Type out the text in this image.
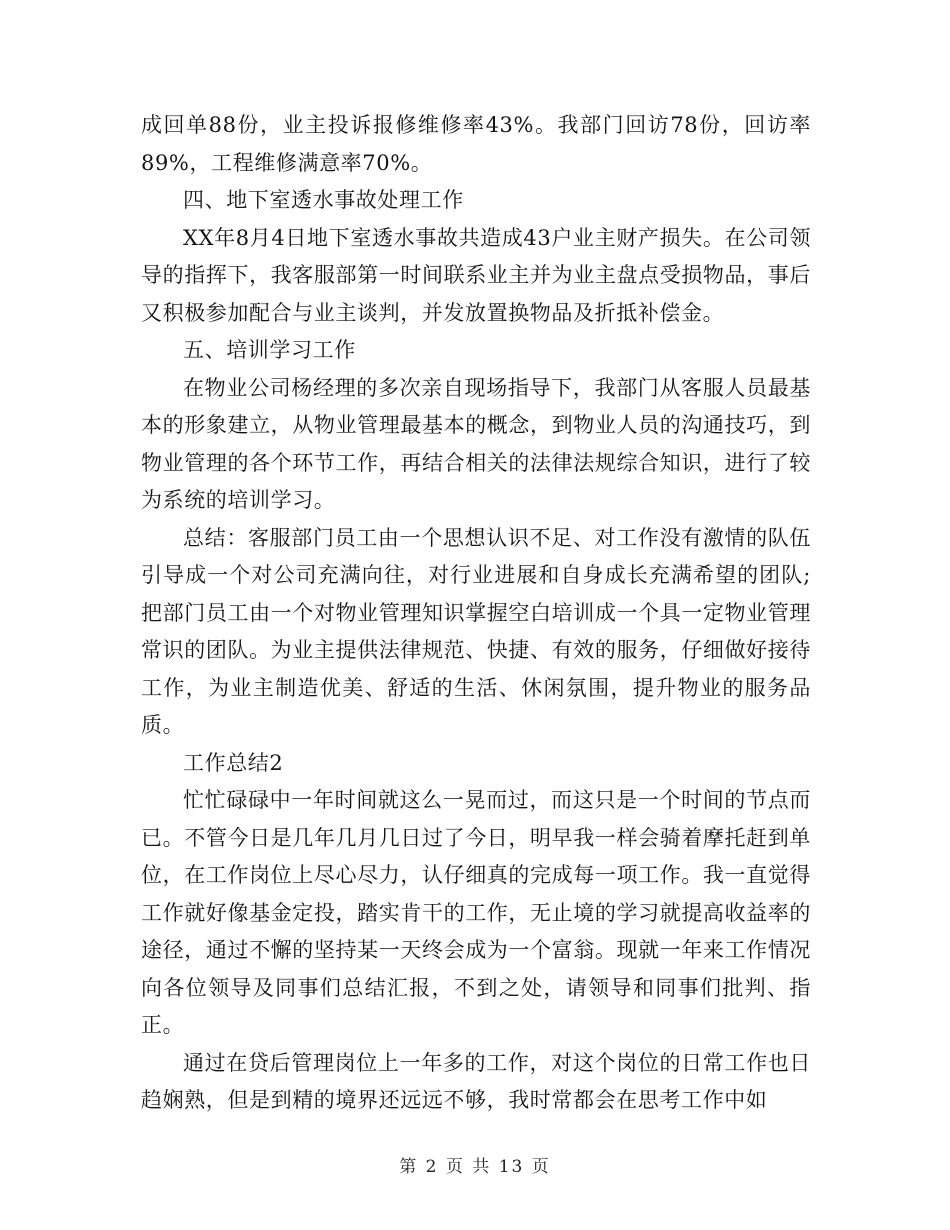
成回单88份，业主投诉报修维修率43%。我部门回访78份，回访率89%，工程维修满意率70%。

四、地下室透水事故处理工作

XX年8月4日地下室透水事故共造成43户业主财产损失。在公司领导的指挥下，我客服部第一时间联系业主并为业主盘点受损物品，事后又积极参加配合与业主谈判，并发放置换物品及折抵补偿金。

五、培训学习工作

在物业公司杨经理的多次亲自现场指导下，我部门从客服人员最基本的形象建立，从物业管理最基本的概念，到物业人员的沟通技巧，到物业管理的各个环节工作，再结合相关的法律法规综合知识，进行了较为系统的培训学习。

总结：客服部门员工由一个思想认识不足、对工作没有激情的队伍引导成一个对公司充满向往，对行业进展和自身成长充满希望的团队;把部门员工由一个对物业管理知识掌握空白培训成一个具一定物业管理常识的团队。为业主提供法律规范、快捷、有效的服务，仔细做好接待工作，为业主制造优美、舒适的生活、休闲氛围，提升物业的服务品质。

工作总结2

忙忙碌碌中一年时间就这么一晃而过，而这只是一个时间的节点而已。不管今日是几年几月几日过了今日，明早我一样会骑着摩托赶到单位，在工作岗位上尽心尽力，认仔细真的完成每一项工作。我一直觉得工作就好像基金定投，踏实肯干的工作，无止境的学习就提高收益率的途径，通过不懈的坚持某一天终会成为一个富翁。现就一年来工作情况向各位领导及同事们总结汇报，不到之处，请领导和同事们批判、指正。

通过在贷后管理岗位上一年多的工作，对这个岗位的日常工作也日趋娴熟，但是到精的境界还远远不够，我时常都会在思考工作中如

第 2 页 共 13 页
